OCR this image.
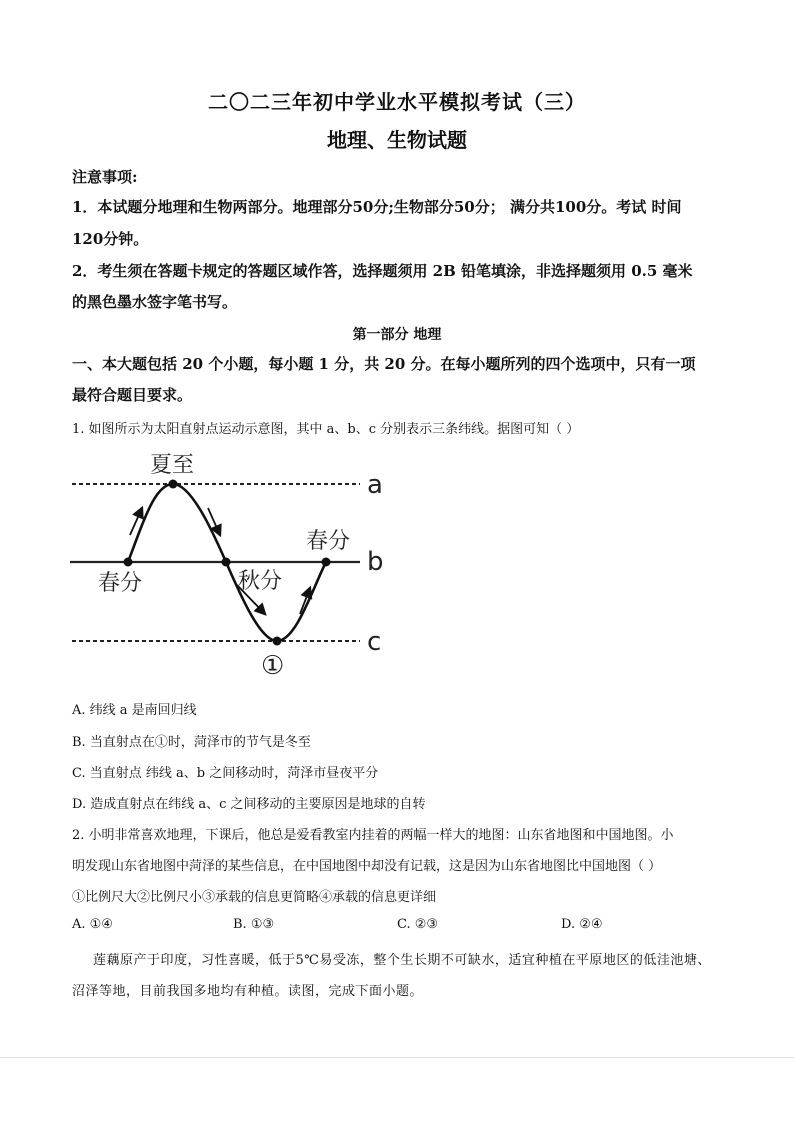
二〇二三年初中学业水平模拟考试（三）
地理、生物试题
注意事项:
1．本试题分地理和生物两部分。地理部分50分;生物部分50分； 满分共100分。考试 时间
120分钟。
2．考生须在答题卡规定的答题区域作答，选择题须用 2B 铅笔填涂，非选择题须用 0.5 毫米
的黑色墨水签字笔书写。
第一部分 地理
一、本大题包括 20 个小题，每小题 1 分，共 20 分。在每小题所列的四个选项中，只有一项
最符合题目要求。
1. 如图所示为太阳直射点运动示意图，其中 a、b、c 分别表示三条纬线。据图可知（ ）
夏至
春分	秋分
春分
①
a
b
c
A. 纬线 a 是南回归线
B. 当直射点在①时，菏泽市的节气是冬至
C. 当直射点 纬线 a、b 之间移动时，菏泽市昼夜平分
D. 造成直射点在纬线 a、c 之间移动的主要原因是地球的自转
2. 小明非常喜欢地理，下课后，他总是爱看教室内挂着的两幅一样大的地图：山东省地图和中国地图。小
明发现山东省地图中菏泽的某些信息，在中国地图中却没有记载，这是因为山东省地图比中国地图（ ）
①比例尺大②比例尺小③承载的信息更简略④承载的信息更详细
A. ①④	B. ①③	C. ②③	D. ②④
莲藕原产于印度，习性喜暖，低于5℃易受冻，整个生长期不可缺水，适宜种植在平原地区的低洼池塘、
沼泽等地，目前我国多地均有种植。读图，完成下面小题。
